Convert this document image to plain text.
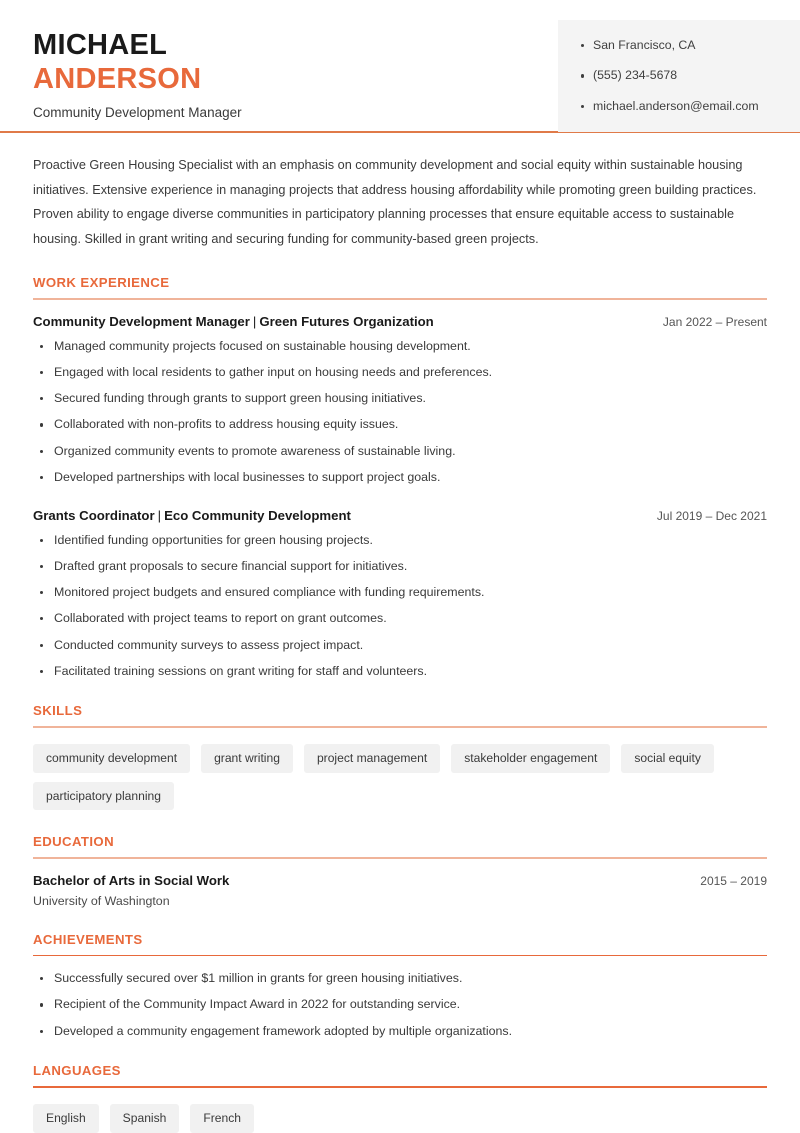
MICHAEL
ANDERSON
Community Development Manager
San Francisco, CA
(555) 234-5678
michael.anderson@email.com
Proactive Green Housing Specialist with an emphasis on community development and social equity within sustainable housing initiatives. Extensive experience in managing projects that address housing affordability while promoting green building practices. Proven ability to engage diverse communities in participatory planning processes that ensure equitable access to sustainable housing. Skilled in grant writing and securing funding for community-based green projects.
WORK EXPERIENCE
Community Development Manager | Green Futures Organization	Jan 2022 – Present
Managed community projects focused on sustainable housing development.
Engaged with local residents to gather input on housing needs and preferences.
Secured funding through grants to support green housing initiatives.
Collaborated with non-profits to address housing equity issues.
Organized community events to promote awareness of sustainable living.
Developed partnerships with local businesses to support project goals.
Grants Coordinator | Eco Community Development	Jul 2019 – Dec 2021
Identified funding opportunities for green housing projects.
Drafted grant proposals to secure financial support for initiatives.
Monitored project budgets and ensured compliance with funding requirements.
Collaborated with project teams to report on grant outcomes.
Conducted community surveys to assess project impact.
Facilitated training sessions on grant writing for staff and volunteers.
SKILLS
community development	grant writing	project management	stakeholder engagement	social equity
participatory planning
EDUCATION
Bachelor of Arts in Social Work	2015 – 2019
University of Washington
ACHIEVEMENTS
Successfully secured over $1 million in grants for green housing initiatives.
Recipient of the Community Impact Award in 2022 for outstanding service.
Developed a community engagement framework adopted by multiple organizations.
LANGUAGES
English	Spanish	French
